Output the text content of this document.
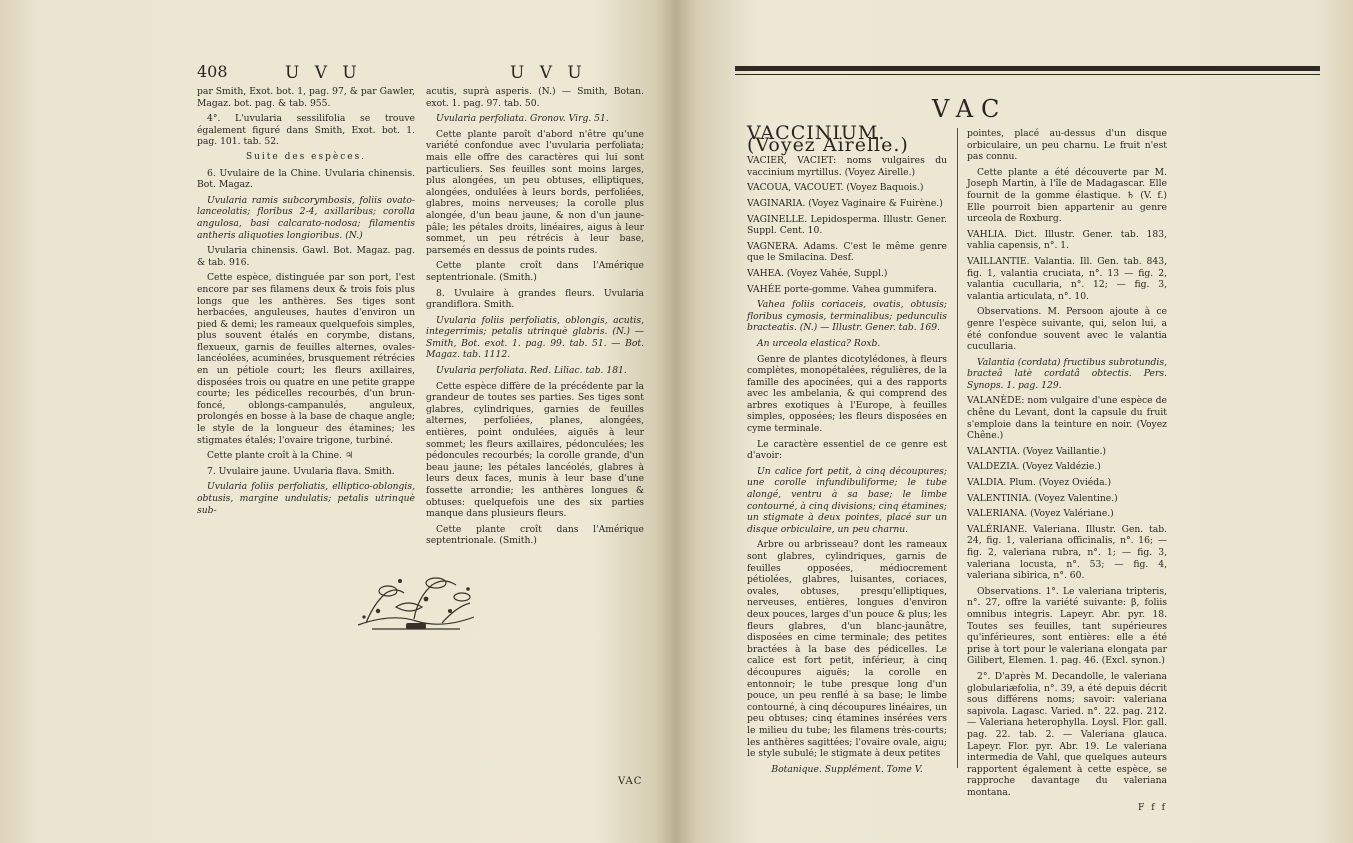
408	U V U	U V U

par Smith, Exot. bot. 1, pag. 97, & par Gawler, Magaz. bot. pag. & tab. 955.

4°. L'uvularia sessilifolia se trouve également figuré dans Smith, Exot. bot. 1. pag. 101. tab. 52.

Suite des espèces.

6. Uvulaire de la Chine. Uvularia chinensis. Bot. Magaz.

Uvularia ramis subcorymbosis, foliis ovato-lanceolatis; floribus 2-4, axillaribus; corolla angulosa, basi calcarato-nodosa; filamentis antheris aliquoties longioribus. (N.)

Uvularia chinensis. Gawl. Bot. Magaz. pag. & tab. 916.

Cette espèce, distinguée par son port, l'est encore par ses filamens deux & trois fois plus longs que les anthères. Ses tiges sont herbacées, anguleuses, hautes d'environ un pied & demi; les rameaux quelquefois simples, plus souvent étalés en corymbe, distans, flexueux, garnis de feuilles alternes, ovales-lancéolées, acuminées, brusquement rétrécies en un pétiole court; les fleurs axillaires, disposées trois ou quatre en une petite grappe courte; les pédicelles recourbés, d'un brun-foncé, oblongs-campanulés, anguleux, prolongés en bosse à la base de chaque angle; le style de la longueur des étamines; les stigmates étalés; l'ovaire trigone, turbiné.

Cette plante croît à la Chine. ♃

7. Uvulaire jaune. Uvularia flava. Smith.

Uvularia foliis perfoliatis, elliptico-oblongis, obtusis, margine undulatis; petalis utrinquè sub-

acutis, suprà asperis. (N.) — Smith, Botan. exot. 1. pag. 97. tab. 50.

Uvularia perfoliata. Gronov. Virg. 51.

Cette plante paroît d'abord n'être qu'une variété confondue avec l'uvularia perfoliata; mais elle offre des caractères qui lui sont particuliers. Ses feuilles sont moins larges, plus alongées, un peu obtuses, elliptiques, alongées, ondulées à leurs bords, perfoliées, glabres, moins nerveuses; la corolle plus alongée, d'un beau jaune, & non d'un jaune-pâle; les pétales droits, linéaires, aigus à leur sommet, un peu rétrécis à leur base, parsemés en dessus de points rudes.

Cette plante croît dans l'Amérique septentrionale. (Smith.)

8. Uvulaire à grandes fleurs. Uvularia grandiflora. Smith.

Uvularia foliis perfoliatis, oblongis, acutis, integerrimis; petalis utrinquè glabris. (N.) — Smith, Bot. exot. 1. pag. 99. tab. 51. — Bot. Magaz. tab. 1112.

Uvularia perfoliata. Red. Liliac. tab. 181.

Cette espèce diffère de la précédente par la grandeur de toutes ses parties. Ses tiges sont glabres, cylindriques, garnies de feuilles alternes, perfoliées, planes, alongées, entières, point ondulées, aiguës à leur sommet; les fleurs axillaires, pédonculées; les pédoncules recourbés; la corolle grande, d'un beau jaune; les pétales lancéolés, glabres à leurs deux faces, munis à leur base d'une fossette arrondie; les anthères longues & obtuses: quelquefois une des six parties manque dans plusieurs fleurs.

Cette plante croît dans l'Amérique septentrionale. (Smith.)

VAC
VAC

VACCINIUM. (Voyez Airelle.)

VACIER, VACIET: noms vulgaires du vaccinium myrtillus. (Voyez Airelle.)

VACOUA, VACOUET. (Voyez Baquois.)

VAGINARIA. (Voyez Vaginaire & Fuirène.)

VAGINELLE. Lepidosperma. Illustr. Gener. Suppl. Cent. 10.

VAGNERA. Adams. C'est le même genre que le Smilacina. Desf.

VAHEA. (Voyez Vahée, Suppl.)

VAHÉE porte-gomme. Vahea gummifera.

Vahea foliis coriaceis, ovatis, obtusis; floribus cymosis, terminalibus; pedunculis bracteatis. (N.) — Illustr. Gener. tab. 169.

An urceola elastica? Roxb.

Genre de plantes dicotylédones, à fleurs complètes, monopétalées, régulières, de la famille des apocinées, qui a des rapports avec les ambelania, & qui comprend des arbres exotiques à l'Europe, à feuilles simples, opposées; les fleurs disposées en cyme terminale.

Le caractère essentiel de ce genre est d'avoir:

Un calice fort petit, à cinq découpures; une corolle infundibuliforme; le tube alongé, ventru à sa base; le limbe contourné, à cinq divisions; cinq étamines; un stigmate à deux pointes, placé sur un disque orbiculaire, un peu charnu.

Arbre ou arbrisseau? dont les rameaux sont glabres, cylindriques, garnis de feuilles opposées, médiocrement pétiolées, glabres, luisantes, coriaces, ovales, obtuses, presqu'elliptiques, nerveuses, entières, longues d'environ deux pouces, larges d'un pouce & plus; les fleurs glabres, d'un blanc-jaunâtre, disposées en cime terminale; des petites bractées à la base des pédicelles. Le calice est fort petit, inférieur, à cinq découpures aiguës; la corolle en entonnoir; le tube presque long d'un pouce, un peu renflé à sa base; le limbe contourné, à cinq découpures linéaires, un peu obtuses; cinq étamines insérées vers le milieu du tube; les filamens très-courts; les anthères sagittées; l'ovaire ovale, aigu; le style subulé; le stigmate à deux petites

Botanique. Supplément. Tome V.

pointes, placé au-dessus d'un disque orbiculaire, un peu charnu. Le fruit n'est pas connu.

Cette plante a été découverte par M. Joseph Martin, à l'île de Madagascar. Elle fournit de la gomme élastique. ♄ (V. f.) Elle pourroit bien appartenir au genre urceola de Roxburg.

VAHLIA. Dict. Illustr. Gener. tab. 183, vahlia capensis, n°. 1.

VAILLANTIE. Valantia. Ill. Gen. tab. 843, fig. 1, valantia cruciata, n°. 13 — fig. 2, valantia cucullaria, n°. 12; — fig. 3, valantia articulata, n°. 10.

Observations. M. Persoon ajoute à ce genre l'espèce suivante, qui, selon lui, a été confondue souvent avec le valantia cucullaria.

Valantia (cordata) fructibus subrotundis, bracteâ latè cordatâ obtectis. Pers. Synops. 1. pag. 129.

VALANÈDE: nom vulgaire d'une espèce de chêne du Levant, dont la capsule du fruit s'emploie dans la teinture en noir. (Voyez Chêne.)

VALANTIA. (Voyez Vaillantie.)

VALDEZIA. (Voyez Valdézie.)

VALDIA. Plum. (Voyez Oviéda.)

VALENTINIA. (Voyez Valentine.)

VALERIANA. (Voyez Valériane.)

VALÉRIANE. Valeriana. Illustr. Gen. tab. 24, fig. 1, valeriana officinalis, n°. 16; — fig. 2, valeriana rubra, n°. 1; — fig. 3, valeriana locusta, n°. 53; — fig. 4, valeriana sibirica, n°. 60.

Observations. 1°. Le valeriana tripteris, n°. 27, offre la variété suivante: β, foliis omnibus integris. Lapeyr. Abr. pyr. 18. Toutes ses feuilles, tant supérieures qu'inférieures, sont entières: elle a été prise à tort pour le valeriana elongata par Gilibert, Elemen. 1. pag. 46. (Excl. synon.)

2°. D'après M. Decandolle, le valeriana globulariæfolia, n°. 39, a été depuis décrit sous différens noms; savoir: valeriana sapivola. Lagasc. Varied. n°. 22. pag. 212. — Valeriana heterophylla. Loysl. Flor. gall. pag. 22. tab. 2. — Valeriana glauca. Lapeyr. Flor. pyr. Abr. 19. Le valeriana intermedia de Vahl, que quelques auteurs rapportent également à cette espèce, se rapproche davantage du valeriana montana.

F f f
